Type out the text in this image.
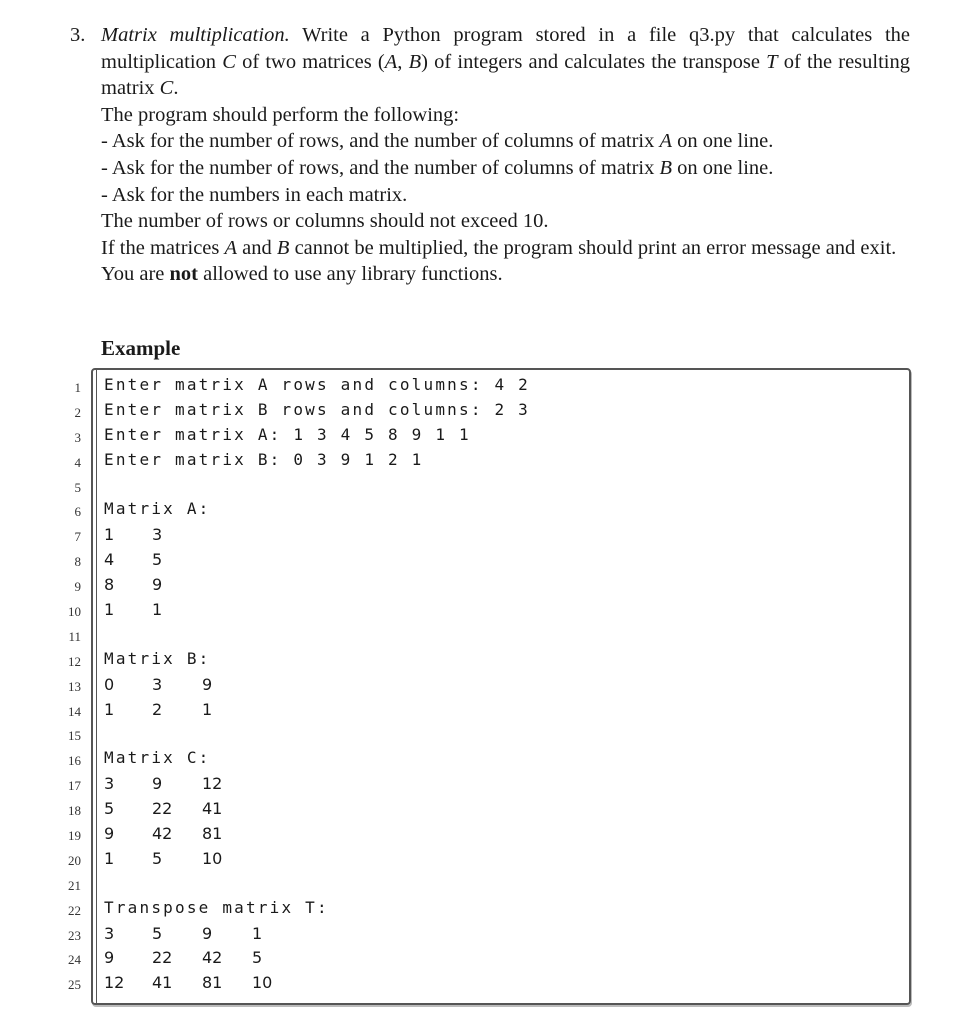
3. Matrix multiplication. Write a Python program stored in a file q3.py that calculates the multiplication C of two matrices (A, B) of integers and calculates the transpose T of the resulting matrix C.
The program should perform the following:
- Ask for the number of rows, and the number of columns of matrix A on one line.
- Ask for the number of rows, and the number of columns of matrix B on one line.
- Ask for the numbers in each matrix.
The number of rows or columns should not exceed 10.
If the matrices A and B cannot be multiplied, the program should print an error message and exit.
You are not allowed to use any library functions.
Example
1 Enter matrix A rows and columns: 4 2
2 Enter matrix B rows and columns: 2 3
3 Enter matrix A: 1 3 4 5 8 9 1 1
4 Enter matrix B: 0 3 9 1 2 1
5
6 Matrix A:
7 1 3
8 4 5
9 8 9
10 1 1
11
12 Matrix B:
13 0 3 9
14 1 2 1
15
16 Matrix C:
17 3 9 12
18 5 22 41
19 9 42 81
20 1 5 10
21
22 Transpose matrix T:
23 3 5 9 1
24 9 22 42 5
25 12 41 81 10
